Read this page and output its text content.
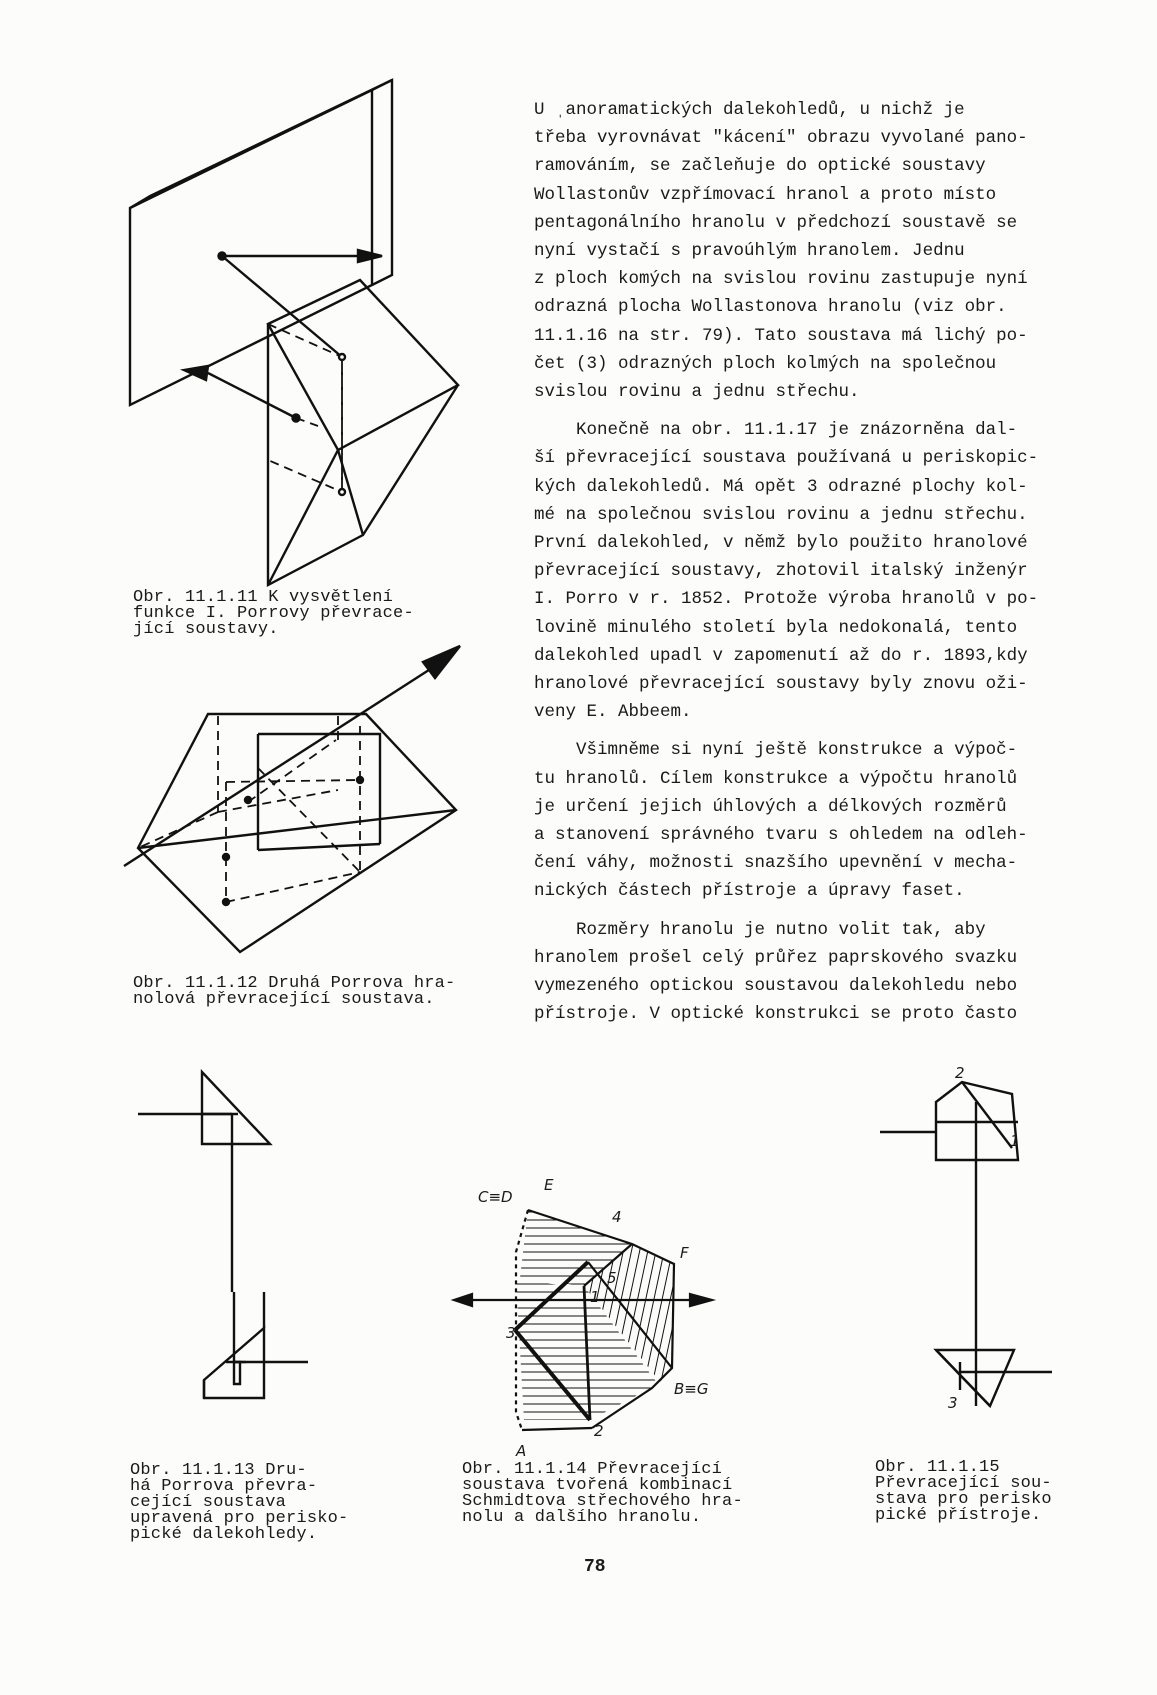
Obr. 11.1.11 K vysvětlení
funkce I. Porrovy převrace-
jící soustavy.
Obr. 11.1.12 Druhá Porrova hra-
nolová převracející soustava.

U ˌanoramatických dalekohledů, u nichž je
třeba vyrovnávat "kácení" obrazu vyvolané pano-
ramováním, se začleňuje do optické soustavy
Wollastonův vzpřímovací hranol a proto místo
pentagonálního hranolu v předchozí soustavě se
nyní vystačí s pravoúhlým hranolem. Jednu
z ploch komých na svislou rovinu zastupuje nyní
odrazná plocha Wollastonova hranolu (viz obr.
11.1.16 na str. 79). Tato soustava má lichý po-
čet (3) odrazných ploch kolmých na společnou
svislou rovinu a jednu střechu.

Konečně na obr. 11.1.17 je znázorněna dal-
ší převracející soustava používaná u periskopic-
kých dalekohledů. Má opět 3 odrazné plochy kol-
mé na společnou svislou rovinu a jednu střechu.
První dalekohled, v němž bylo použito hranolové
převracející soustavy, zhotovil italský inženýr
I. Porro v r. 1852. Protože výroba hranolů v po-
lovině minulého století byla nedokonalá, tento
dalekohled upadl v zapomenutí až do r. 1893,kdy
hranolové převracející soustavy byly znovu oži-
veny E. Abbeem.

Všimněme si nyní ještě konstrukce a výpoč-
tu hranolů. Cílem konstrukce a výpočtu hranolů
je určení jejich úhlových a délkových rozměrů
a stanovení správného tvaru s ohledem na odleh-
čení váhy, možnosti snazšího upevnění v mecha-
nických částech přístroje a úpravy faset.

Rozměry hranolu je nutno volit tak, aby
hranolem prošel celý průřez paprskového svazku
vymezeného optickou soustavou dalekohledu nebo
přístroje. V optické konstrukci se proto často

Obr. 11.1.13 Dru-
há Porrova převra-
cející soustava
upravená pro perisko-
pické dalekohledy.
C≡D
E
4
F
5
1
3
2
B≡G
A
Obr. 11.1.14 Převracející
soustava tvořená kombinací
Schmidtova střechového hra-
nolu a dalšího hranolu.
2
1
3
Obr. 11.1.15
Převracející sou-
stava pro perisko
pické přístroje.
78
